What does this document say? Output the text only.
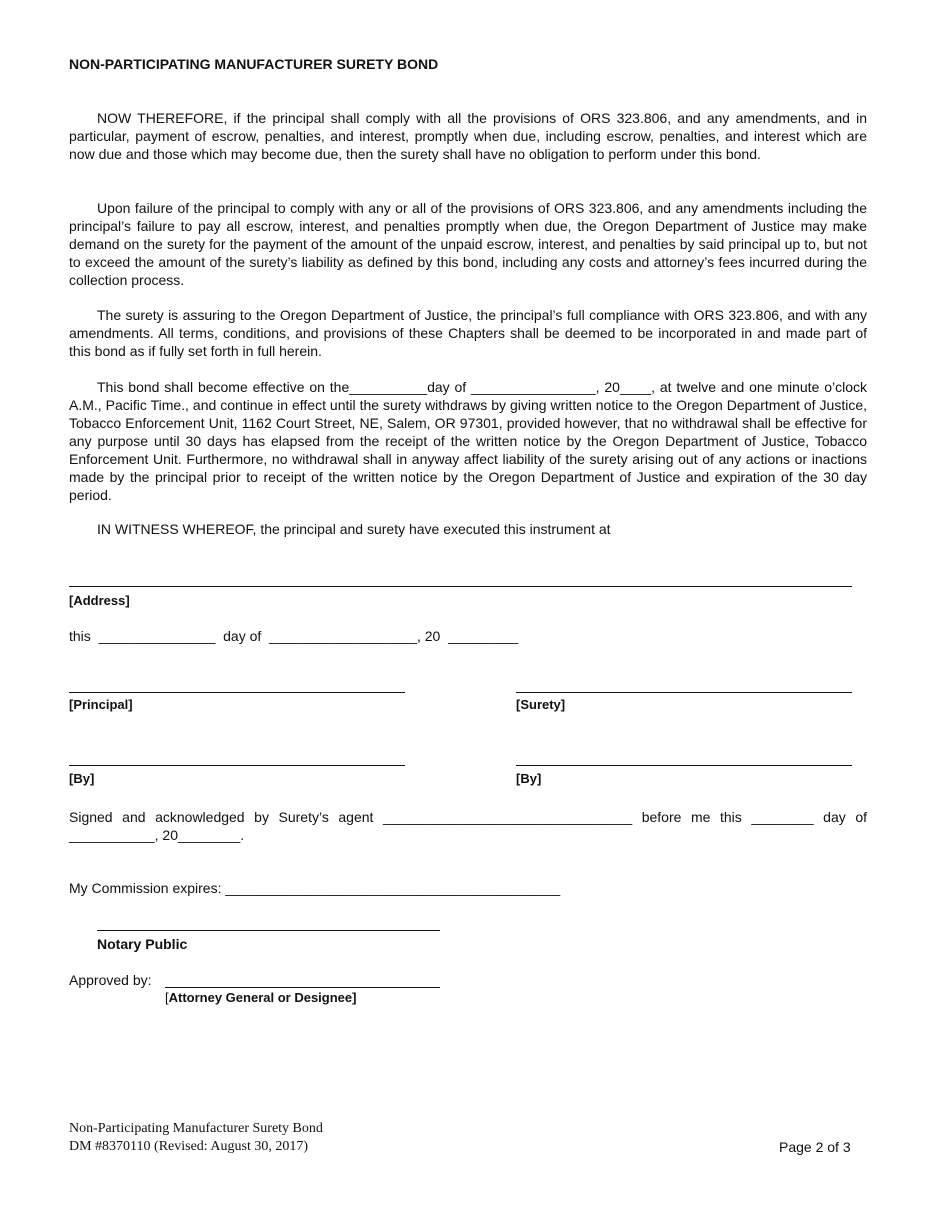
NON-PARTICIPATING MANUFACTURER SURETY BOND

NOW THEREFORE, if the principal shall comply with all the provisions of ORS 323.806, and any amendments, and in particular, payment of escrow, penalties, and interest, promptly when due, including escrow, penalties, and interest which are now due and those which may become due, then the surety shall have no obligation to perform under this bond.

Upon failure of the principal to comply with any or all of the provisions of ORS 323.806, and any amendments including the principal’s failure to pay all escrow, interest, and penalties promptly when due, the Oregon Department of Justice may make demand on the surety for the payment of the amount of the unpaid escrow, interest, and penalties by said principal up to, but not to exceed the amount of the surety’s liability as defined by this bond, including any costs and attorney’s fees incurred during the collection process.

The surety is assuring to the Oregon Department of Justice, the principal’s full compliance with ORS 323.806, and with any amendments. All terms, conditions, and provisions of these Chapters shall be deemed to be incorporated in and made part of this bond as if fully set forth in full herein.

This bond shall become effective on the__________day of ________________, 20____, at twelve and one minute o’clock A.M., Pacific Time., and continue in effect until the surety withdraws by giving written notice to the Oregon Department of Justice, Tobacco Enforcement Unit, 1162 Court Street, NE, Salem, OR 97301, provided however, that no withdrawal shall be effective for any purpose until 30 days has elapsed from the receipt of the written notice by the Oregon Department of Justice, Tobacco Enforcement Unit. Furthermore, no withdrawal shall in anyway affect liability of the surety arising out of any actions or inactions made by the principal prior to receipt of the written notice by the Oregon Department of Justice and expiration of the 30 day period.

IN WITNESS WHEREOF, the principal and surety have executed this instrument at

[Address]
this  _______________  day of  ___________________, 20  _________
[Principal]	[Surety]
[By]	[By]

Signed and acknowledged by Surety’s agent ________________________________ before me this ________ day of ___________, 20________.

My Commission expires: ___________________________________________
Notary Public
Approved by:
[Attorney General or Designee]
Non-Participating Manufacturer Surety Bond
DM #8370110 (Revised: August 30, 2017)	Page 2 of 3
